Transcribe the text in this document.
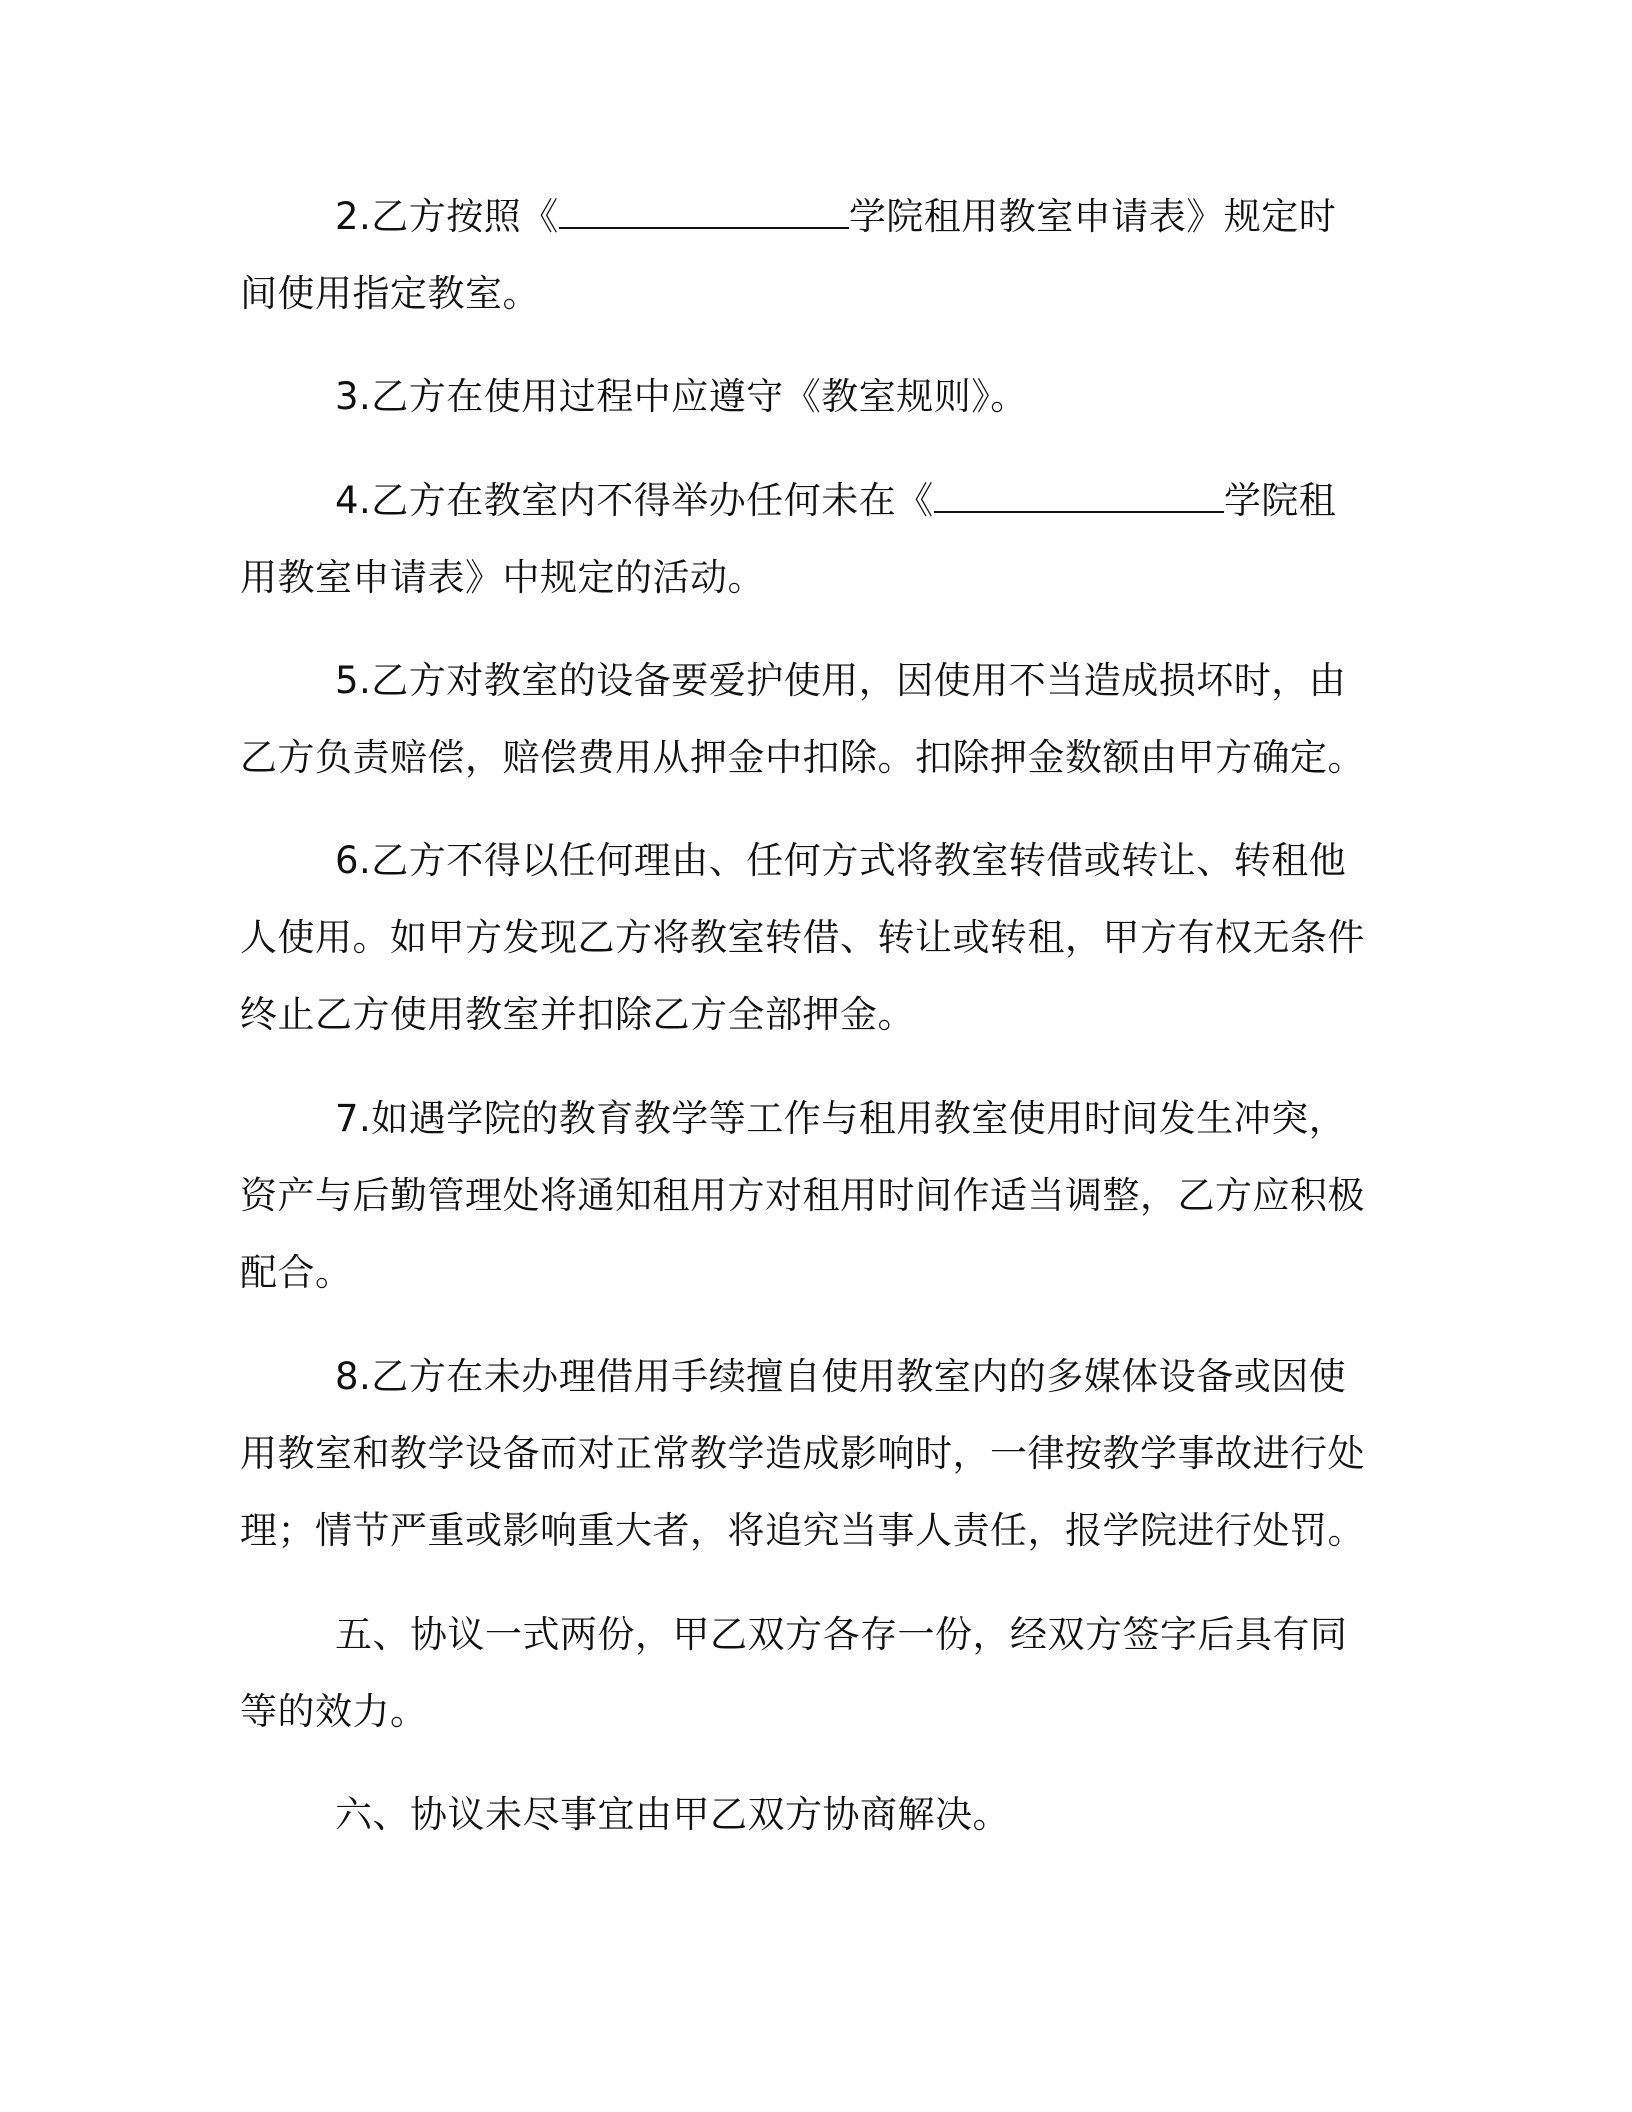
2.乙方按照《	学院租用教室申请表》规定时间使用指定教室。

3.乙方在使用过程中应遵守《教室规则》。

4.乙方在教室内不得举办任何未在《	学院租用教室申请表》中规定的活动。

5.乙方对教室的设备要爱护使用，因使用不当造成损坏时，由乙方负责赔偿，赔偿费用从押金中扣除。扣除押金数额由甲方确定。

6.乙方不得以任何理由、任何方式将教室转借或转让、转租他人使用。如甲方发现乙方将教室转借、转让或转租，甲方有权无条件终止乙方使用教室并扣除乙方全部押金。

7.如遇学院的教育教学等工作与租用教室使用时间发生冲突，资产与后勤管理处将通知租用方对租用时间作适当调整，乙方应积极配合。

8.乙方在未办理借用手续擅自使用教室内的多媒体设备或因使用教室和教学设备而对正常教学造成影响时，一律按教学事故进行处理；情节严重或影响重大者，将追究当事人责任，报学院进行处罚。

五、协议一式两份，甲乙双方各存一份，经双方签字后具有同等的效力。

六、协议未尽事宜由甲乙双方协商解决。
